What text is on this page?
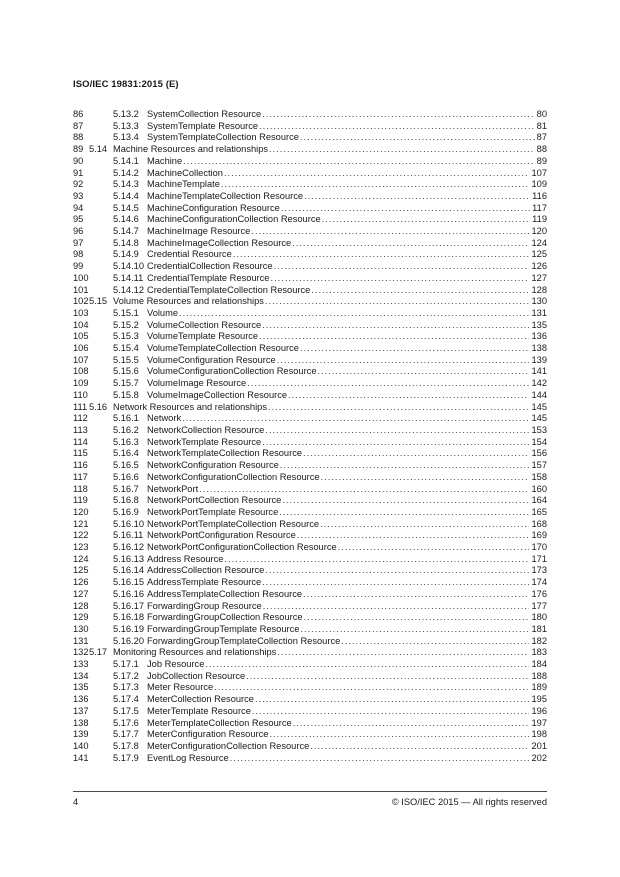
ISO/IEC 19831:2015 (E)
86	5.13.2 SystemCollection Resource .....	80
87	5.13.3 SystemTemplate Resource .....	81
88	5.13.4 SystemTemplateCollection Resource .....	87
89 5.14 Machine Resources and relationships .....	88
90	5.14.1 Machine .....	89
91	5.14.2 MachineCollection .....	107
92	5.14.3 MachineTemplate .....	109
93	5.14.4 MachineTemplateCollection Resource .....	116
94	5.14.5 MachineConfiguration Resource .....	117
95	5.14.6 MachineConfigurationCollection Resource .....	119
96	5.14.7 MachineImage Resource .....	120
97	5.14.8 MachineImageCollection Resource .....	124
98	5.14.9 Credential Resource .....	125
99	5.14.10 CredentialCollection Resource .....	126
100	5.14.11 CredentialTemplate Resource .....	127
101	5.14.12 CredentialTemplateCollection Resource .....	128
102 5.15 Volume Resources and relationships .....	130
103	5.15.1 Volume .....	131
104	5.15.2 VolumeCollection Resource .....	135
105	5.15.3 VolumeTemplate Resource .....	136
106	5.15.4 VolumeTemplateCollection Resource .....	138
107	5.15.5 VolumeConfiguration Resource .....	139
108	5.15.6 VolumeConfigurationCollection Resource .....	141
109	5.15.7 VolumeImage Resource .....	142
110	5.15.8 VolumeImageCollection Resource .....	144
111 5.16 Network Resources and relationships .....	145
112	5.16.1 Network .....	145
113	5.16.2 NetworkCollection Resource .....	153
114	5.16.3 NetworkTemplate Resource .....	154
115	5.16.4 NetworkTemplateCollection Resource .....	156
116	5.16.5 NetworkConfiguration Resource .....	157
117	5.16.6 NetworkConfigurationCollection Resource .....	158
118	5.16.7 NetworkPort .....	160
119	5.16.8 NetworkPortCollection Resource .....	164
120	5.16.9 NetworkPortTemplate Resource .....	165
121	5.16.10 NetworkPortTemplateCollection Resource .....	168
122	5.16.11 NetworkPortConfiguration Resource .....	169
123	5.16.12 NetworkPortConfigurationCollection Resource .....	170
124	5.16.13 Address Resource .....	171
125	5.16.14 AddressCollection Resource .....	173
126	5.16.15 AddressTemplate Resource .....	174
127	5.16.16 AddressTemplateCollection Resource .....	176
128	5.16.17 ForwardingGroup Resource .....	177
129	5.16.18 ForwardingGroupCollection Resource .....	180
130	5.16.19 ForwardingGroupTemplate Resource .....	181
131	5.16.20 ForwardingGroupTemplateCollection Resource .....	182
132 5.17 Monitoring Resources and relationships .....	183
133	5.17.1 Job Resource .....	184
134	5.17.2 JobCollection Resource .....	188
135	5.17.3 Meter Resource .....	189
136	5.17.4 MeterCollection Resource .....	195
137	5.17.5 MeterTemplate Resource .....	196
138	5.17.6 MeterTemplateCollection Resource .....	197
139	5.17.7 MeterConfiguration Resource .....	198
140	5.17.8 MeterConfigurationCollection Resource .....	201
141	5.17.9 EventLog Resource .....	202
4	© ISO/IEC 2015 — All rights reserved
